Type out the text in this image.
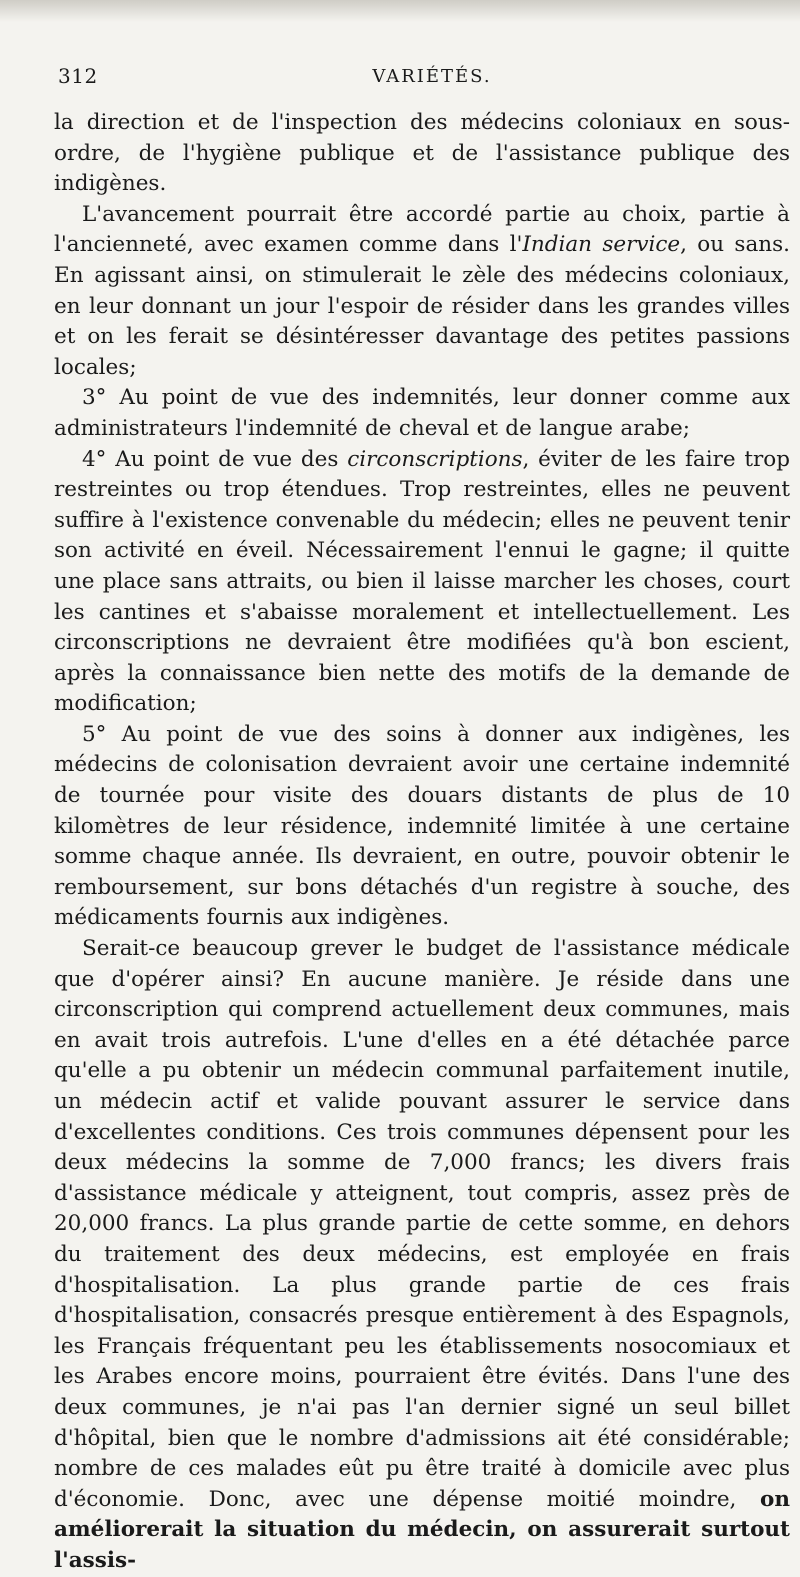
312	VARIÉTÉS.

la direction et de l'inspection des médecins coloniaux en sous-ordre, de l'hygiène publique et de l'assistance publique des indigènes.

L'avancement pourrait être accordé partie au choix, partie à l'ancienneté, avec examen comme dans l'Indian service, ou sans. En agissant ainsi, on stimulerait le zèle des médecins coloniaux, en leur donnant un jour l'espoir de résider dans les grandes villes et on les ferait se désintéresser davantage des petites passions locales;

3° Au point de vue des indemnités, leur donner comme aux administrateurs l'indemnité de cheval et de langue arabe;

4° Au point de vue des circonscriptions, éviter de les faire trop restreintes ou trop étendues. Trop restreintes, elles ne peuvent suffire à l'existence convenable du médecin; elles ne peuvent tenir son activité en éveil. Nécessairement l'ennui le gagne; il quitte une place sans attraits, ou bien il laisse marcher les choses, court les cantines et s'abaisse moralement et intellectuellement. Les circonscriptions ne devraient être modifiées qu'à bon escient, après la connaissance bien nette des motifs de la demande de modification;

5° Au point de vue des soins à donner aux indigènes, les médecins de colonisation devraient avoir une certaine indemnité de tournée pour visite des douars distants de plus de 10 kilomètres de leur résidence, indemnité limitée à une certaine somme chaque année. Ils devraient, en outre, pouvoir obtenir le remboursement, sur bons détachés d'un registre à souche, des médicaments fournis aux indigènes.

Serait-ce beaucoup grever le budget de l'assistance médicale que d'opérer ainsi? En aucune manière. Je réside dans une circonscription qui comprend actuellement deux communes, mais en avait trois autrefois. L'une d'elles en a été détachée parce qu'elle a pu obtenir un médecin communal parfaitement inutile, un médecin actif et valide pouvant assurer le service dans d'excellentes conditions. Ces trois communes dépensent pour les deux médecins la somme de 7,000 francs; les divers frais d'assistance médicale y atteignent, tout compris, assez près de 20,000 francs. La plus grande partie de cette somme, en dehors du traitement des deux médecins, est employée en frais d'hospitalisation. La plus grande partie de ces frais d'hospitalisation, consacrés presque entièrement à des Espagnols, les Français fréquentant peu les établissements nosocomiaux et les Arabes encore moins, pourraient être évités. Dans l'une des deux communes, je n'ai pas l'an dernier signé un seul billet d'hôpital, bien que le nombre d'admissions ait été considérable; nombre de ces malades eût pu être traité à domicile avec plus d'économie. Donc, avec une dépense moitié moindre, on améliorerait la situation du médecin, on assurerait surtout l'assis-
